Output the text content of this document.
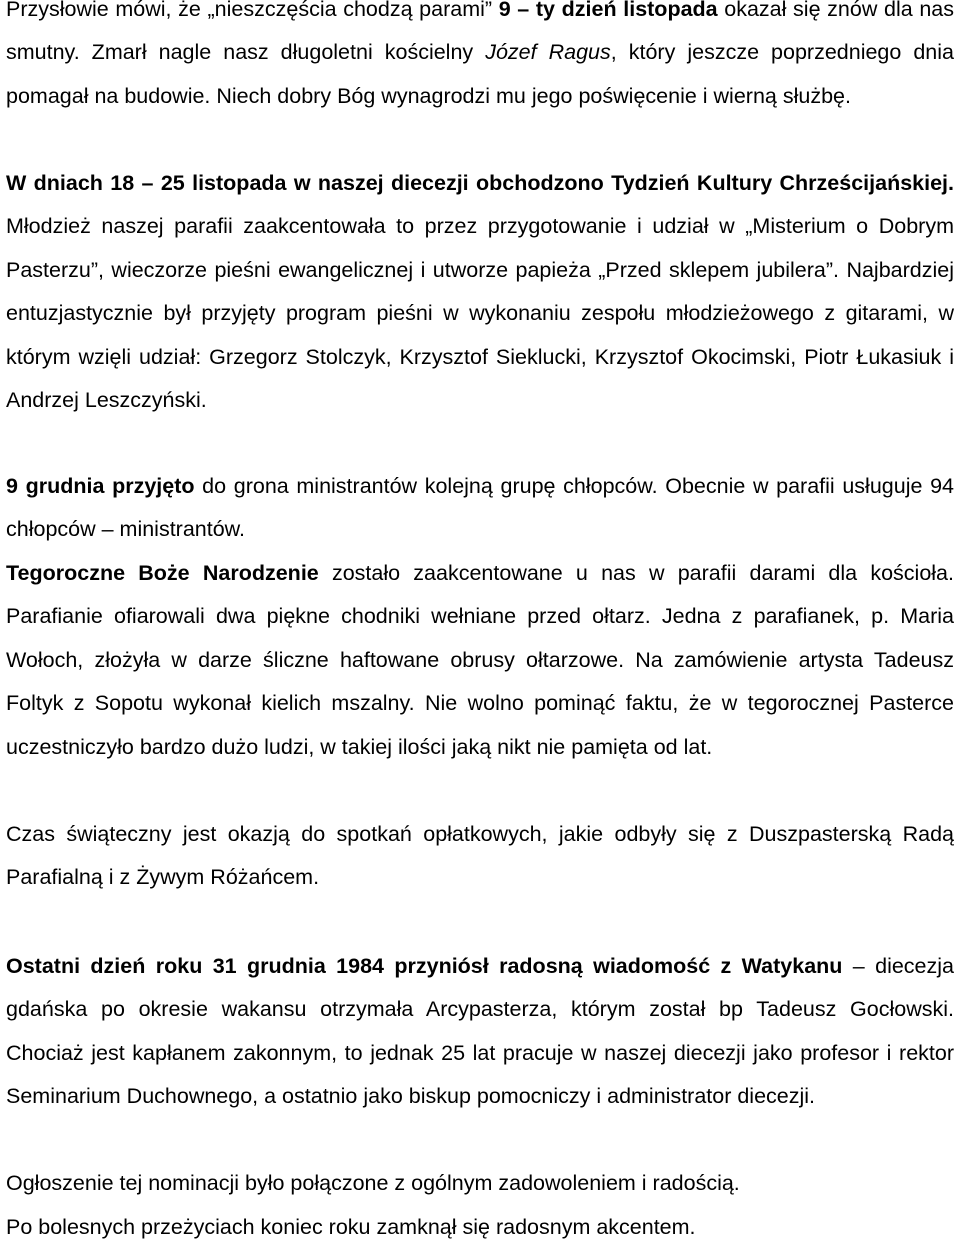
Przysłowie mówi, że „nieszczęścia chodzą parami” 9 – ty dzień listopada okazał się znów dla nas smutny. Zmarł nagle nasz długoletni kościelny Józef Ragus, który jeszcze poprzedniego dnia pomagał na budowie. Niech dobry Bóg wynagrodzi mu jego poświęcenie i wierną służbę.

W dniach 18 – 25 listopada w naszej diecezji obchodzono Tydzień Kultury Chrześcijańskiej. Młodzież naszej parafii zaakcentowała to przez przygotowanie i udział w „Misterium o Dobrym Pasterzu”, wieczorze pieśni ewangelicznej i utworze papieża „Przed sklepem jubilera”. Najbardziej entuzjastycznie był przyjęty program pieśni w wykonaniu zespołu młodzieżowego z gitarami, w którym wzięli udział: Grzegorz Stolczyk, Krzysztof Sieklucki, Krzysztof Okocimski, Piotr Łukasiuk i Andrzej Leszczyński.

9 grudnia przyjęto do grona ministrantów kolejną grupę chłopców. Obecnie w parafii usługuje 94 chłopców – ministrantów.

Tegoroczne Boże Narodzenie zostało zaakcentowane u nas w parafii darami dla kościoła. Parafianie ofiarowali dwa piękne chodniki wełniane przed ołtarz. Jedna z parafianek, p. Maria Wołoch, złożyła w darze śliczne haftowane obrusy ołtarzowe. Na zamówienie artysta Tadeusz Foltyk z Sopotu wykonał kielich mszalny. Nie wolno pominąć faktu, że w tegorocznej Pasterce uczestniczyło bardzo dużo ludzi, w takiej ilości jaką nikt nie pamięta od lat.

Czas świąteczny jest okazją do spotkań opłatkowych, jakie odbyły się z Duszpasterską Radą Parafialną i z Żywym Różańcem.

Ostatni dzień roku 31 grudnia 1984 przyniósł radosną wiadomość z Watykanu – diecezja gdańska po okresie wakansu otrzymała Arcypasterza, którym został bp Tadeusz Gocłowski. Chociaż jest kapłanem zakonnym, to jednak 25 lat pracuje w naszej diecezji jako profesor i rektor Seminarium Duchownego, a ostatnio jako biskup pomocniczy i administrator diecezji.

Ogłoszenie tej nominacji było połączone z ogólnym zadowoleniem i radością.

Po bolesnych przeżyciach koniec roku zamknął się radosnym akcentem.
